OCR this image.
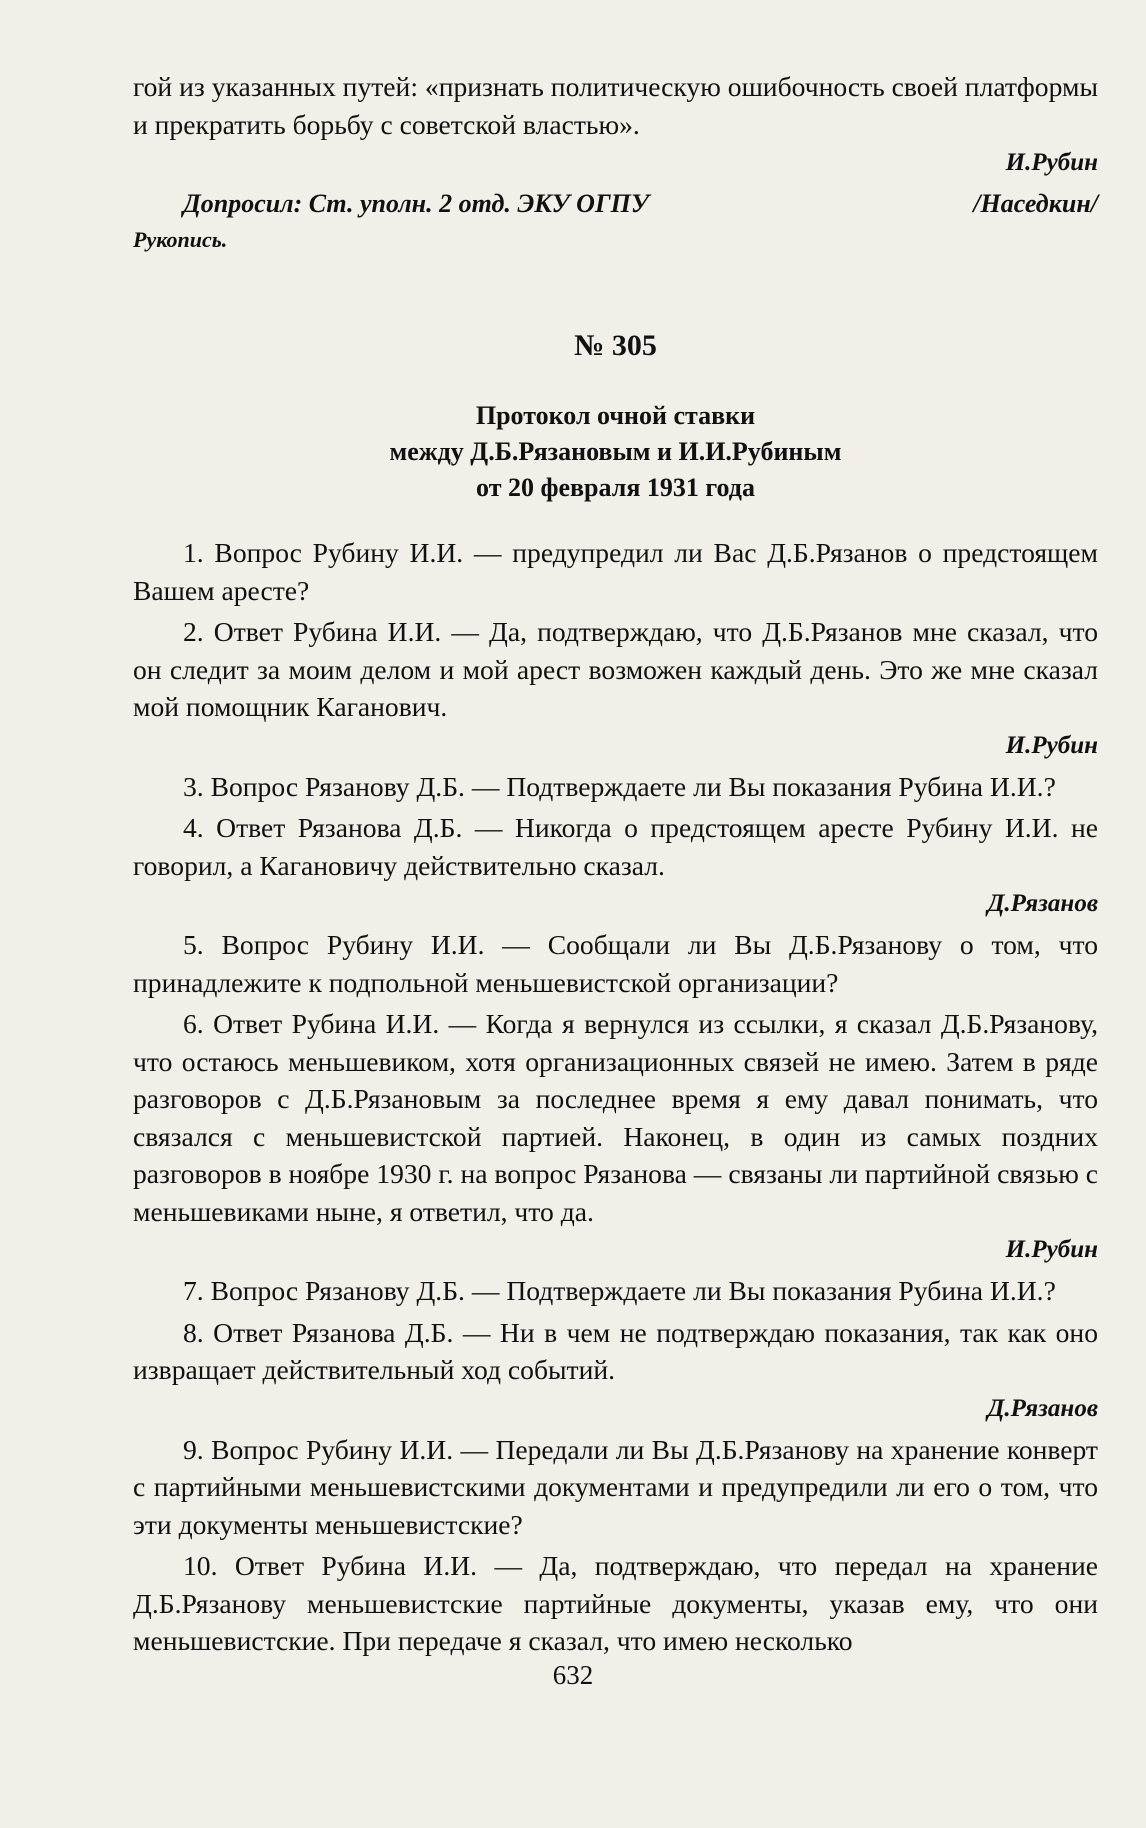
гой из указанных путей: «признать политическую ошибочность своей платформы и прекратить борьбу с советской властью».

И.Рубин

Допросил: Ст. уполн. 2 отд. ЭКУ ОГПУ	/Наседкин/

Рукопись.

№ 305

Протокол очной ставки
между Д.Б.Рязановым и И.И.Рубиным
от 20 февраля 1931 года

1. Вопрос Рубину И.И. — предупредил ли Вас Д.Б.Рязанов о предстоящем Вашем аресте?

2. Ответ Рубина И.И. — Да, подтверждаю, что Д.Б.Рязанов мне сказал, что он следит за моим делом и мой арест возможен каждый день. Это же мне сказал мой помощник Каганович.

И.Рубин

3. Вопрос Рязанову Д.Б. — Подтверждаете ли Вы показания Рубина И.И.?

4. Ответ Рязанова Д.Б. — Никогда о предстоящем аресте Рубину И.И. не говорил, а Кагановичу действительно сказал.

Д.Рязанов

5. Вопрос Рубину И.И. — Сообщали ли Вы Д.Б.Рязанову о том, что принадлежите к подпольной меньшевистской организации?

6. Ответ Рубина И.И. — Когда я вернулся из ссылки, я сказал Д.Б.Рязанову, что остаюсь меньшевиком, хотя организационных связей не имею. Затем в ряде разговоров с Д.Б.Рязановым за последнее время я ему давал понимать, что связался с меньшевистской партией. Наконец, в один из самых поздних разговоров в ноябре 1930 г. на вопрос Рязанова — связаны ли партийной связью с меньшевиками ныне, я ответил, что да.

И.Рубин

7. Вопрос Рязанову Д.Б. — Подтверждаете ли Вы показания Рубина И.И.?

8. Ответ Рязанова Д.Б. — Ни в чем не подтверждаю показания, так как оно извращает действительный ход событий.

Д.Рязанов

9. Вопрос Рубину И.И. — Передали ли Вы Д.Б.Рязанову на хранение конверт с партийными меньшевистскими документами и предупредили ли его о том, что эти документы меньшевистские?

10. Ответ Рубина И.И. — Да, подтверждаю, что передал на хранение Д.Б.Рязанову меньшевистские партийные документы, указав ему, что они меньшевистские. При передаче я сказал, что имею несколько

632
